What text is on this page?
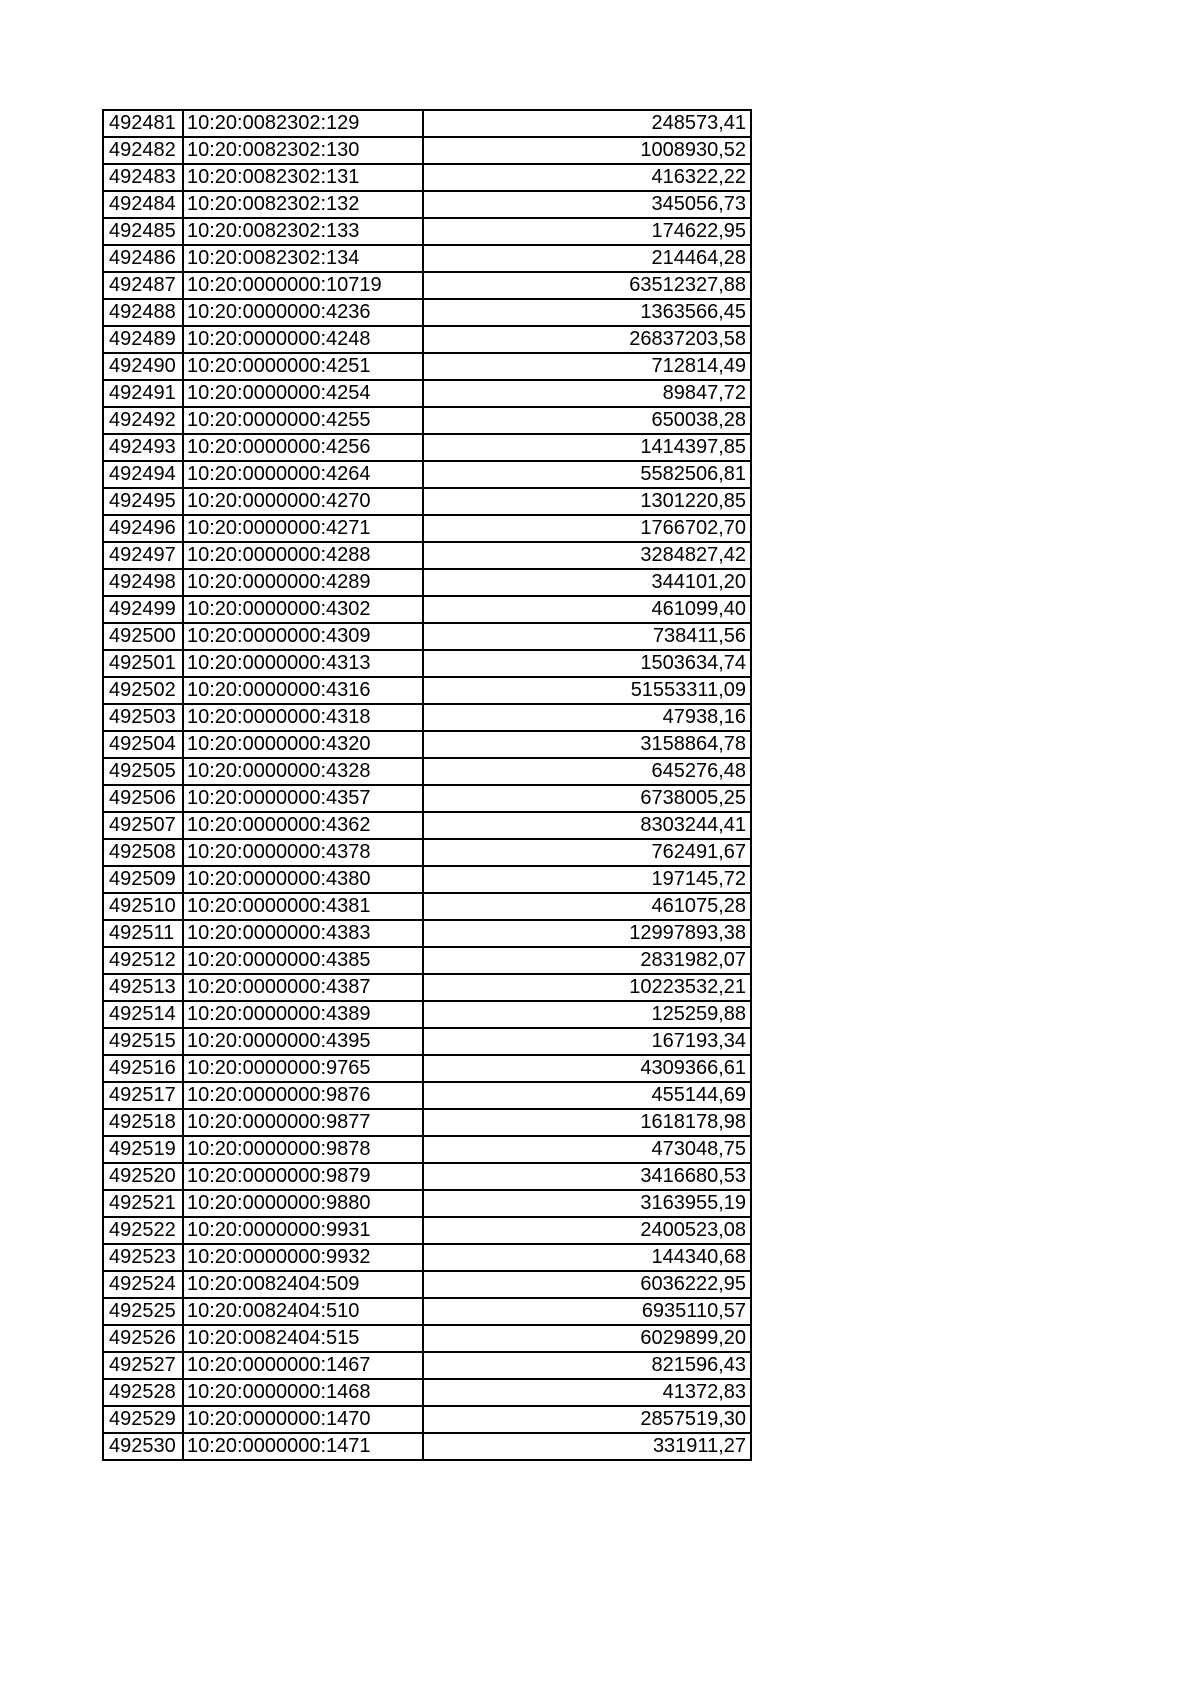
492481	10:20:0082302:129	248573,41
492482	10:20:0082302:130	1008930,52
492483	10:20:0082302:131	416322,22
492484	10:20:0082302:132	345056,73
492485	10:20:0082302:133	174622,95
492486	10:20:0082302:134	214464,28
492487	10:20:0000000:10719	63512327,88
492488	10:20:0000000:4236	1363566,45
492489	10:20:0000000:4248	26837203,58
492490	10:20:0000000:4251	712814,49
492491	10:20:0000000:4254	89847,72
492492	10:20:0000000:4255	650038,28
492493	10:20:0000000:4256	1414397,85
492494	10:20:0000000:4264	5582506,81
492495	10:20:0000000:4270	1301220,85
492496	10:20:0000000:4271	1766702,70
492497	10:20:0000000:4288	3284827,42
492498	10:20:0000000:4289	344101,20
492499	10:20:0000000:4302	461099,40
492500	10:20:0000000:4309	738411,56
492501	10:20:0000000:4313	1503634,74
492502	10:20:0000000:4316	51553311,09
492503	10:20:0000000:4318	47938,16
492504	10:20:0000000:4320	3158864,78
492505	10:20:0000000:4328	645276,48
492506	10:20:0000000:4357	6738005,25
492507	10:20:0000000:4362	8303244,41
492508	10:20:0000000:4378	762491,67
492509	10:20:0000000:4380	197145,72
492510	10:20:0000000:4381	461075,28
492511	10:20:0000000:4383	12997893,38
492512	10:20:0000000:4385	2831982,07
492513	10:20:0000000:4387	10223532,21
492514	10:20:0000000:4389	125259,88
492515	10:20:0000000:4395	167193,34
492516	10:20:0000000:9765	4309366,61
492517	10:20:0000000:9876	455144,69
492518	10:20:0000000:9877	1618178,98
492519	10:20:0000000:9878	473048,75
492520	10:20:0000000:9879	3416680,53
492521	10:20:0000000:9880	3163955,19
492522	10:20:0000000:9931	2400523,08
492523	10:20:0000000:9932	144340,68
492524	10:20:0082404:509	6036222,95
492525	10:20:0082404:510	6935110,57
492526	10:20:0082404:515	6029899,20
492527	10:20:0000000:1467	821596,43
492528	10:20:0000000:1468	41372,83
492529	10:20:0000000:1470	2857519,30
492530	10:20:0000000:1471	331911,27
